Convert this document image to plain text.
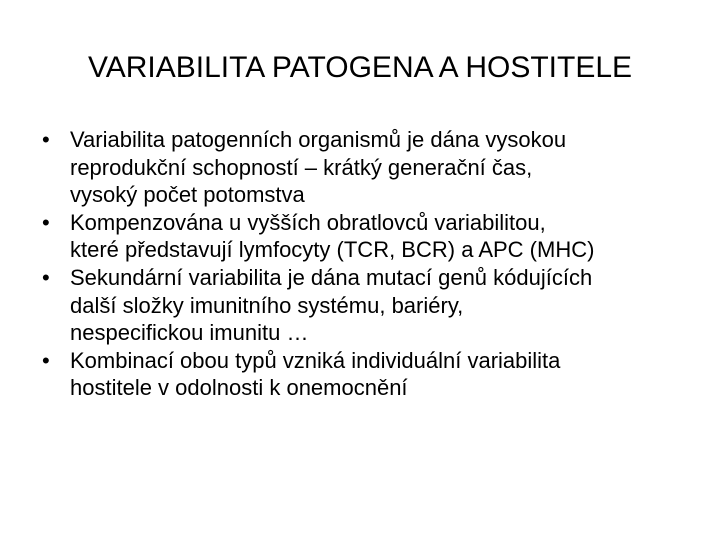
VARIABILITA PATOGENA A HOSTITELE
• Variabilita patogenních organismů je dána vysokou
reprodukční schopností – krátký generační čas,
vysoký počet potomstva
• Kompenzována u vyšších obratlovců variabilitou,
které představují lymfocyty (TCR, BCR) a APC (MHC)
• Sekundární variabilita je dána mutací genů kódujících
další složky imunitního systému, bariéry,
nespecifickou imunitu …
• Kombinací obou typů vzniká individuální variabilita
hostitele v odolnosti k onemocnění
